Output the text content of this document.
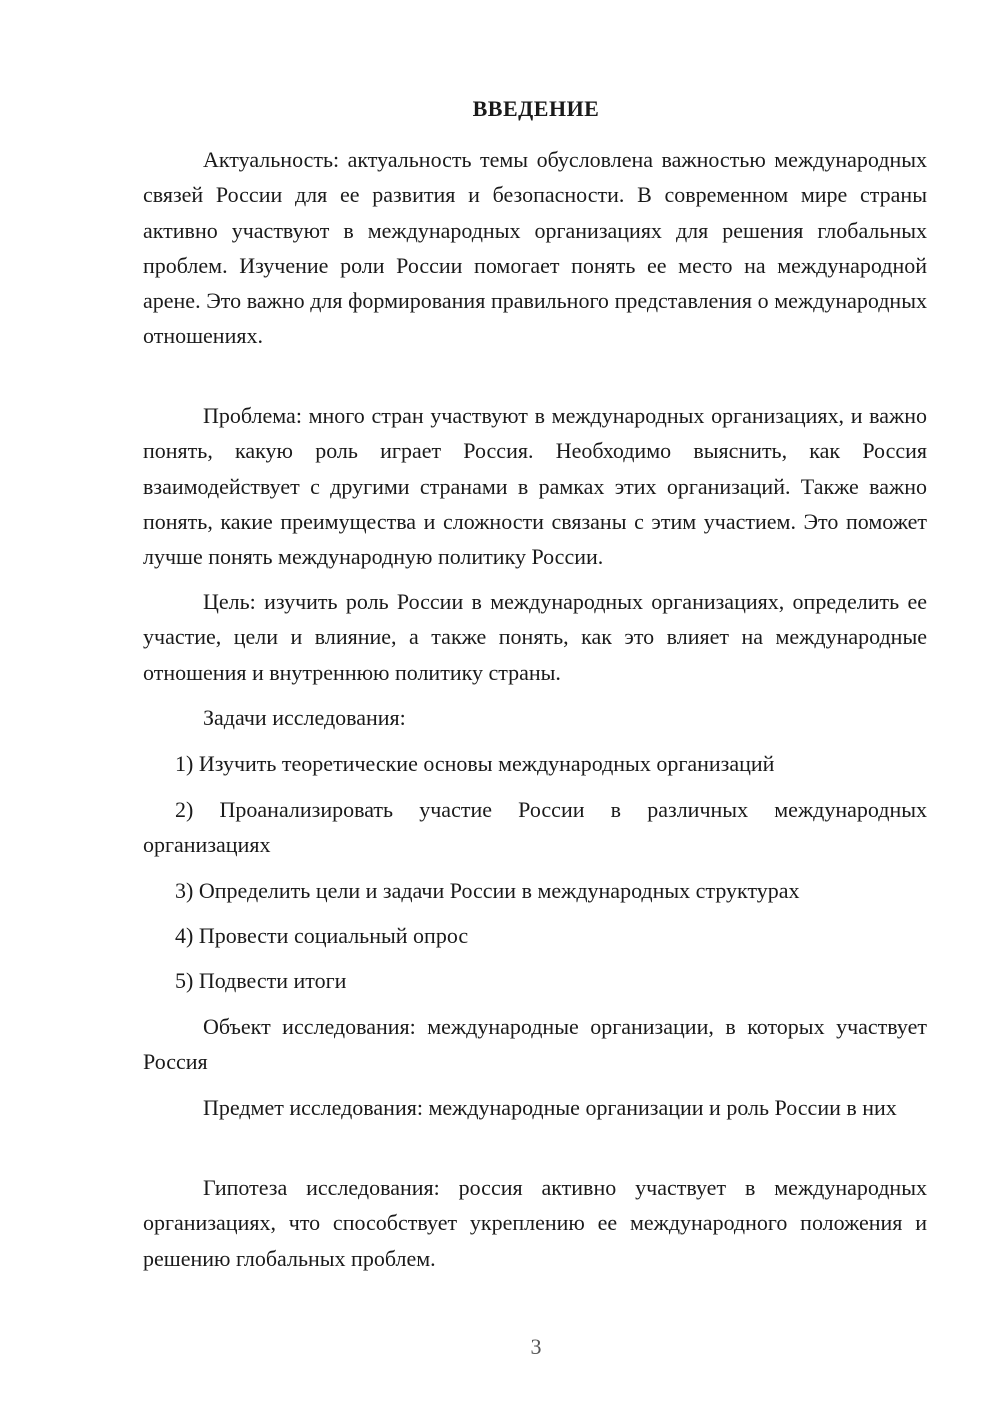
ВВЕДЕНИЕ

Актуальность: актуальность темы обусловлена важностью международных связей России для ее развития и безопасности. В современном мире страны активно участвуют в международных организациях для решения глобальных проблем. Изучение роли России помогает понять ее место на международной арене. Это важно для формирования правильного представления о международных отношениях.

Проблема: много стран участвуют в международных организациях, и важно понять, какую роль играет Россия. Необходимо выяснить, как Россия взаимодействует с другими странами в рамках этих организаций. Также важно понять, какие преимущества и сложности связаны с этим участием. Это поможет лучше понять международную политику России.

Цель: изучить роль России в международных организациях, определить ее участие, цели и влияние, а также понять, как это влияет на международные отношения и внутреннюю политику страны.

Задачи исследования:

1) Изучить теоретические основы международных организаций

2) Проанализировать участие России в различных международных организациях

3) Определить цели и задачи России в международных структурах

4) Провести социальный опрос

5) Подвести итоги

Объект исследования: международные организации, в которых участвует Россия

Предмет исследования: международные организации и роль России в них

Гипотеза исследования: россия активно участвует в международных организациях, что способствует укреплению ее международного положения и решению глобальных проблем.

3
